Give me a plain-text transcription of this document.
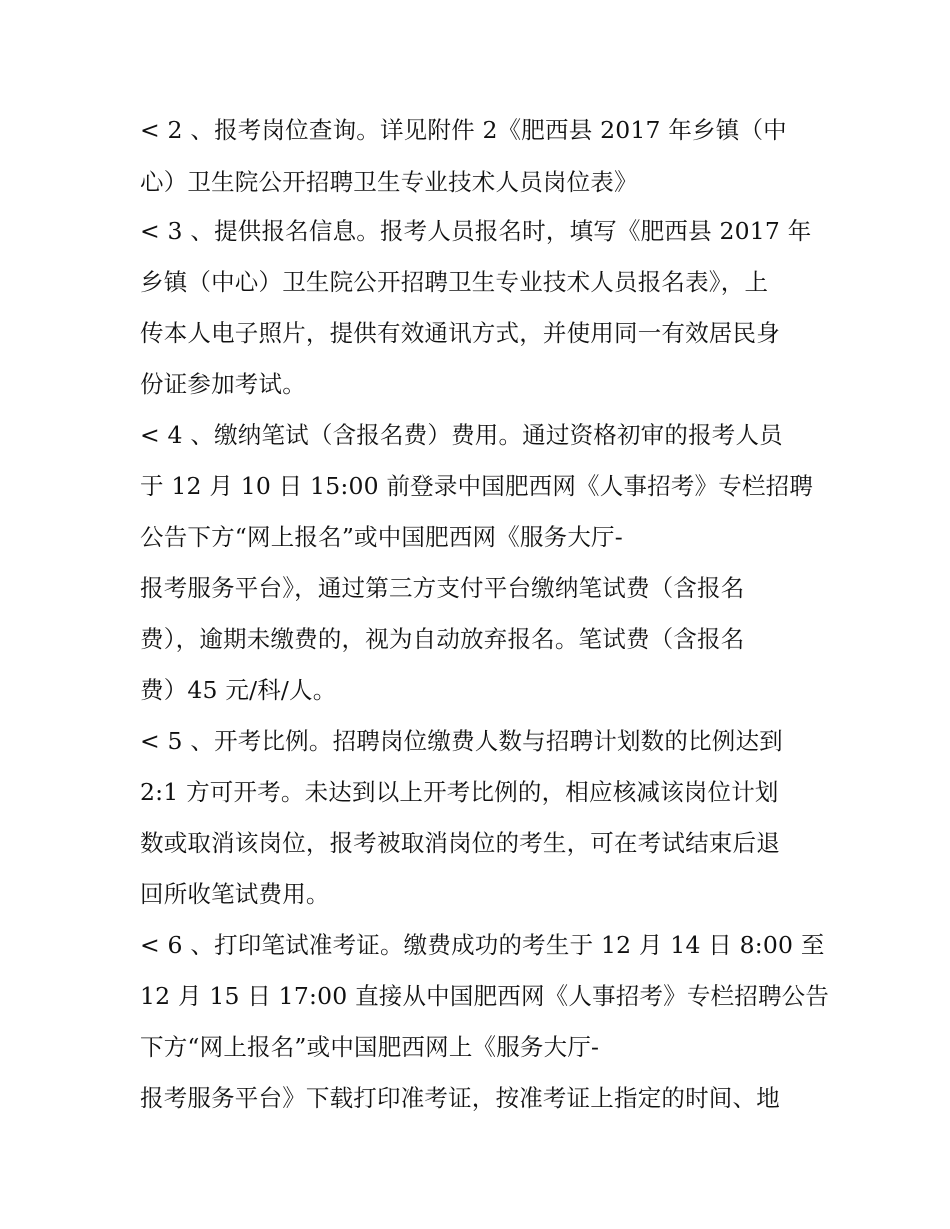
< 2 、报考岗位查询。详见附件 2《肥西县 2017 年乡镇（中
心）卫生院公开招聘卫生专业技术人员岗位表》
< 3 、提供报名信息。报考人员报名时，填写《肥西县 2017 年
乡镇（中心）卫生院公开招聘卫生专业技术人员报名表》，上
传本人电子照片，提供有效通讯方式，并使用同一有效居民身
份证参加考试。
< 4 、缴纳笔试（含报名费）费用。通过资格初审的报考人员
于 12 月 10 日 15:00 前登录中国肥西网《人事招考》专栏招聘
公告下方“网上报名”或中国肥西网《服务大厅-
报考服务平台》，通过第三方支付平台缴纳笔试费（含报名
费），逾期未缴费的，视为自动放弃报名。笔试费（含报名
费）45 元/科/人。
< 5 、开考比例。招聘岗位缴费人数与招聘计划数的比例达到
2:1 方可开考。未达到以上开考比例的，相应核减该岗位计划
数或取消该岗位，报考被取消岗位的考生，可在考试结束后退
回所收笔试费用。
< 6 、打印笔试准考证。缴费成功的考生于 12 月 14 日 8:00 至
12 月 15 日 17:00 直接从中国肥西网《人事招考》专栏招聘公告
下方“网上报名”或中国肥西网上《服务大厅-
报考服务平台》下载打印准考证，按准考证上指定的时间、地
